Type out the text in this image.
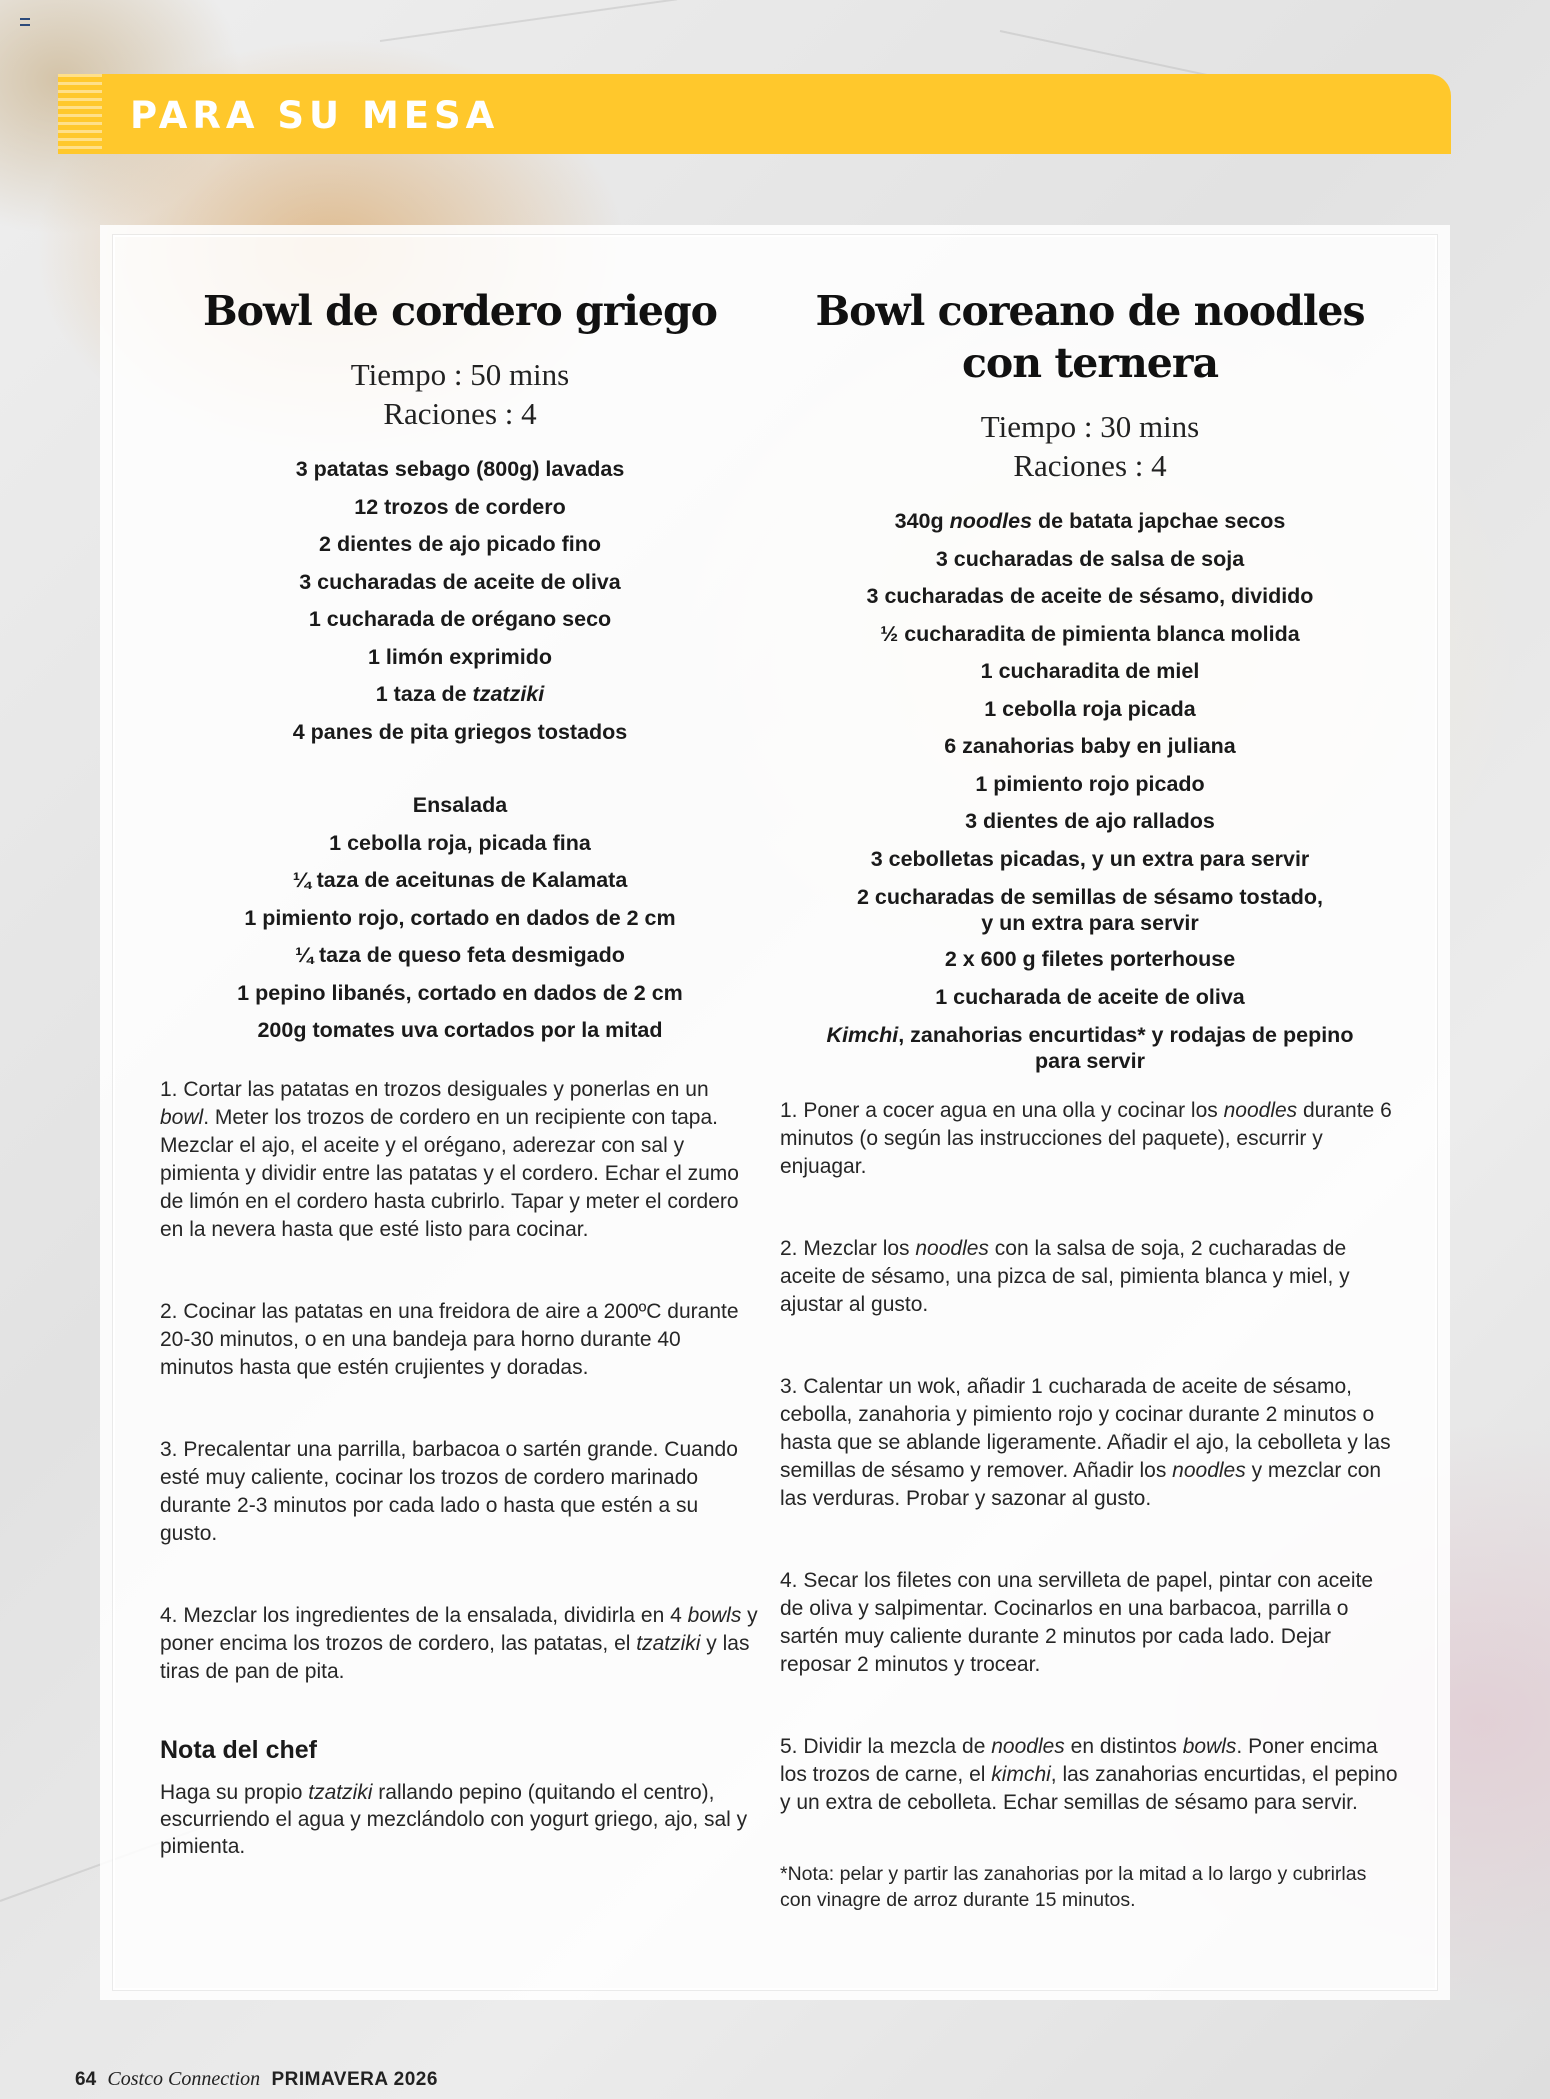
PARA SU MESA
Bowl de cordero griego
Tiempo : 50 mins
Raciones : 4
3 patatas sebago (800g) lavadas
12 trozos de cordero
2 dientes de ajo picado fino
3 cucharadas de aceite de oliva
1 cucharada de orégano seco
1 limón exprimido
1 taza de tzatziki
4 panes de pita griegos tostados
Ensalada
1 cebolla roja, picada fina
¼ taza de aceitunas de Kalamata
1 pimiento rojo, cortado en dados de 2 cm
¼ taza de queso feta desmigado
1 pepino libanés, cortado en dados de 2 cm
200g tomates uva cortados por la mitad

1. Cortar las patatas en trozos desiguales y ponerlas en un bowl. Meter los trozos de cordero en un recipiente con tapa. Mezclar el ajo, el aceite y el orégano, aderezar con sal y pimienta y dividir entre las patatas y el cordero. Echar el zumo de limón en el cordero hasta cubrirlo. Tapar y meter el cordero en la nevera hasta que esté listo para cocinar.

2. Cocinar las patatas en una freidora de aire a 200ºC durante 20-30 minutos, o en una bandeja para horno durante 40 minutos hasta que estén crujientes y doradas.

3. Precalentar una parrilla, barbacoa o sartén grande. Cuando esté muy caliente, cocinar los trozos de cordero marinado durante 2-3 minutos por cada lado o hasta que estén a su gusto.

4. Mezclar los ingredientes de la ensalada, dividirla en 4 bowls y poner encima los trozos de cordero, las patatas, el tzatziki y las tiras de pan de pita.

Nota del chef

Haga su propio tzatziki rallando pepino (quitando el centro), escurriendo el agua y mezclándolo con yogurt griego, ajo, sal y pimienta.

Bowl coreano de noodles
con ternera
Tiempo : 30 mins
Raciones : 4
340g noodles de batata japchae secos
3 cucharadas de salsa de soja
3 cucharadas de aceite de sésamo, dividido
½ cucharadita de pimienta blanca molida
1 cucharadita de miel
1 cebolla roja picada
6 zanahorias baby en juliana
1 pimiento rojo picado
3 dientes de ajo rallados
3 cebolletas picadas, y un extra para servir
2 cucharadas de semillas de sésamo tostado,
y un extra para servir
2 x 600 g filetes porterhouse
1 cucharada de aceite de oliva
Kimchi, zanahorias encurtidas* y rodajas de pepino
para servir

1. Poner a cocer agua en una olla y cocinar los noodles durante 6 minutos (o según las instrucciones del paquete), escurrir y enjuagar.

2. Mezclar los noodles con la salsa de soja, 2 cucharadas de aceite de sésamo, una pizca de sal, pimienta blanca y miel, y ajustar al gusto.

3. Calentar un wok, añadir 1 cucharada de aceite de sésamo, cebolla, zanahoria y pimiento rojo y cocinar durante 2 minutos o hasta que se ablande ligeramente. Añadir el ajo, la cebolleta y las semillas de sésamo y remover. Añadir los noodles y mezclar con las verduras. Probar y sazonar al gusto.

4. Secar los filetes con una servilleta de papel, pintar con aceite de oliva y salpimentar. Cocinarlos en una barbacoa, parrilla o sartén muy caliente durante 2 minutos por cada lado. Dejar reposar 2 minutos y trocear.

5. Dividir la mezcla de noodles en distintos bowls. Poner encima los trozos de carne, el kimchi, las zanahorias encurtidas, el pepino y un extra de cebolleta. Echar semillas de sésamo para servir.

*Nota: pelar y partir las zanahorias por la mitad a lo largo y cubrirlas con vinagre de arroz durante 15 minutos.

64 Costco Connection PRIMAVERA 2026
